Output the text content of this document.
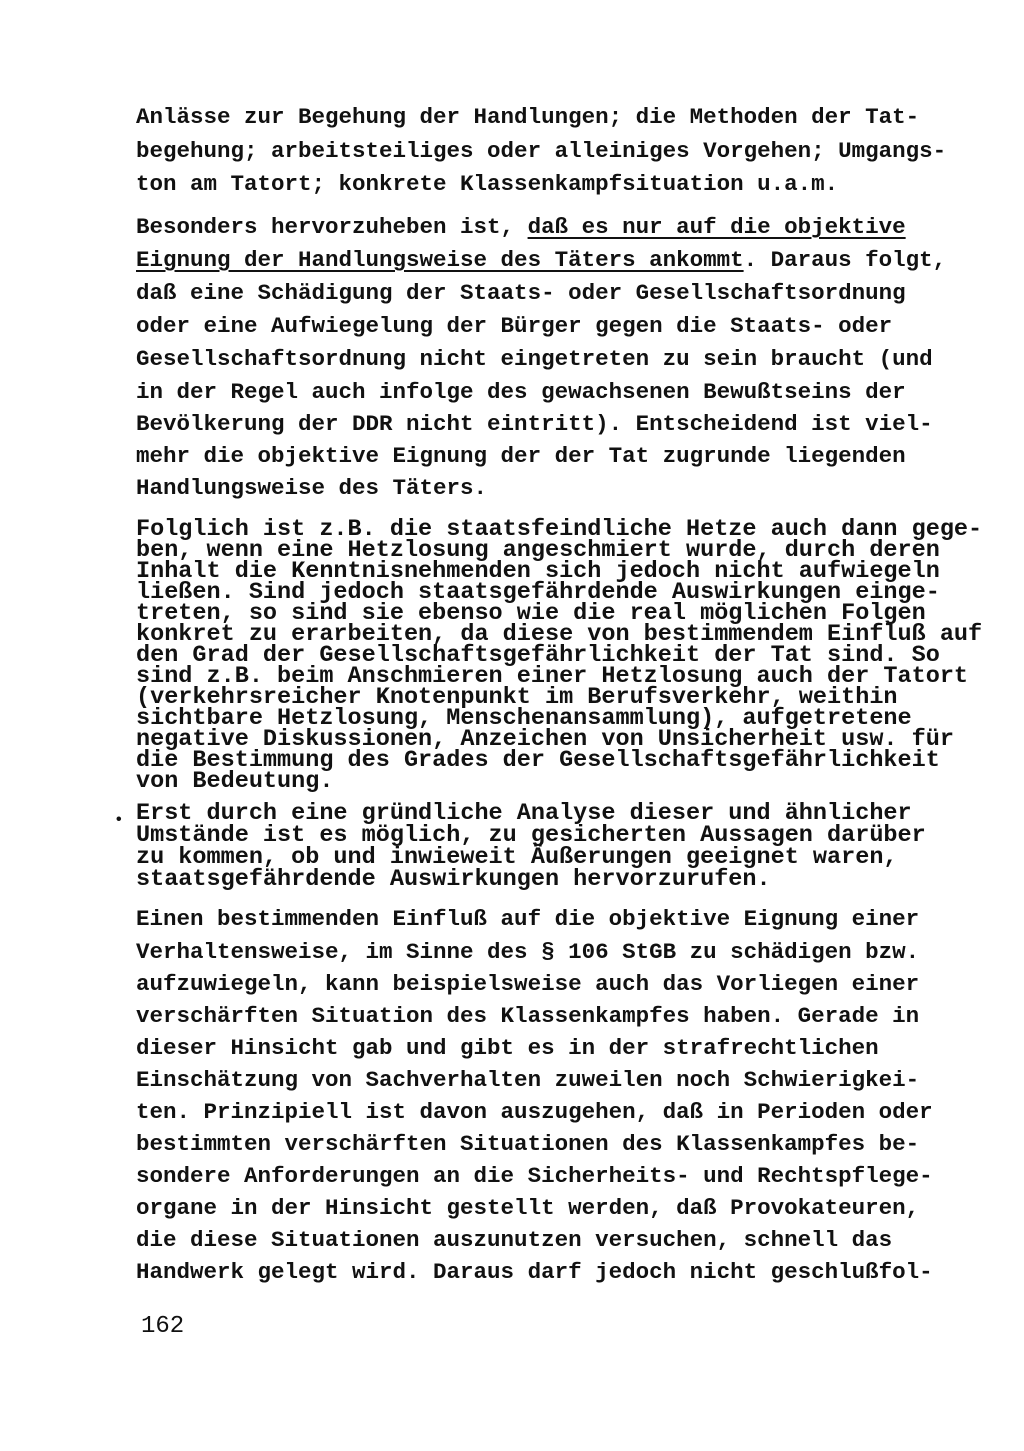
Anlässe zur Begehung der Handlungen; die Methoden der Tat-
begehung; arbeitsteiliges oder alleiniges Vorgehen; Umgangs-
ton am Tatort; konkrete Klassenkampfsituation u.a.m.
Besonders hervorzuheben ist, daß es nur auf die objektive
Eignung der Handlungsweise des Täters ankommt. Daraus folgt,
daß eine Schädigung der Staats- oder Gesellschaftsordnung
oder eine Aufwiegelung der Bürger gegen die Staats- oder
Gesellschaftsordnung nicht eingetreten zu sein braucht (und
in der Regel auch infolge des gewachsenen Bewußtseins der
Bevölkerung der DDR nicht eintritt). Entscheidend ist viel-
mehr die objektive Eignung der der Tat zugrunde liegenden
Handlungsweise des Täters.
Folglich ist z.B. die staatsfeindliche Hetze auch dann gege-
ben, wenn eine Hetzlosung angeschmiert wurde, durch deren
Inhalt die Kenntnisnehmenden sich jedoch nicht aufwiegeln
ließen. Sind jedoch staatsgefährdende Auswirkungen einge-
treten, so sind sie ebenso wie die real möglichen Folgen
konkret zu erarbeiten, da diese von bestimmendem Einfluß auf
den Grad der Gesellschaftsgefährlichkeit der Tat sind. So
sind z.B. beim Anschmieren einer Hetzlosung auch der Tatort
(verkehrsreicher Knotenpunkt im Berufsverkehr, weithin
sichtbare Hetzlosung, Menschenansammlung), aufgetretene
negative Diskussionen, Anzeichen von Unsicherheit usw. für
die Bestimmung des Grades der Gesellschaftsgefährlichkeit
von Bedeutung.
• Erst durch eine gründliche Analyse dieser und ähnlicher
Umstände ist es möglich, zu gesicherten Aussagen darüber
zu kommen, ob und inwieweit Äußerungen geeignet waren,
staatsgefährdende Auswirkungen hervorzurufen.
Einen bestimmenden Einfluß auf die objektive Eignung einer
Verhaltensweise, im Sinne des § 106 StGB zu schädigen bzw.
aufzuwiegeln, kann beispielsweise auch das Vorliegen einer
verschärften Situation des Klassenkampfes haben. Gerade in
dieser Hinsicht gab und gibt es in der strafrechtlichen
Einschätzung von Sachverhalten zuweilen noch Schwierigkei-
ten. Prinzipiell ist davon auszugehen, daß in Perioden oder
bestimmten verschärften Situationen des Klassenkampfes be-
sondere Anforderungen an die Sicherheits- und Rechtspflege-
organe in der Hinsicht gestellt werden, daß Provokateuren,
die diese Situationen auszunutzen versuchen, schnell das
Handwerk gelegt wird. Daraus darf jedoch nicht geschlußfol-
162
